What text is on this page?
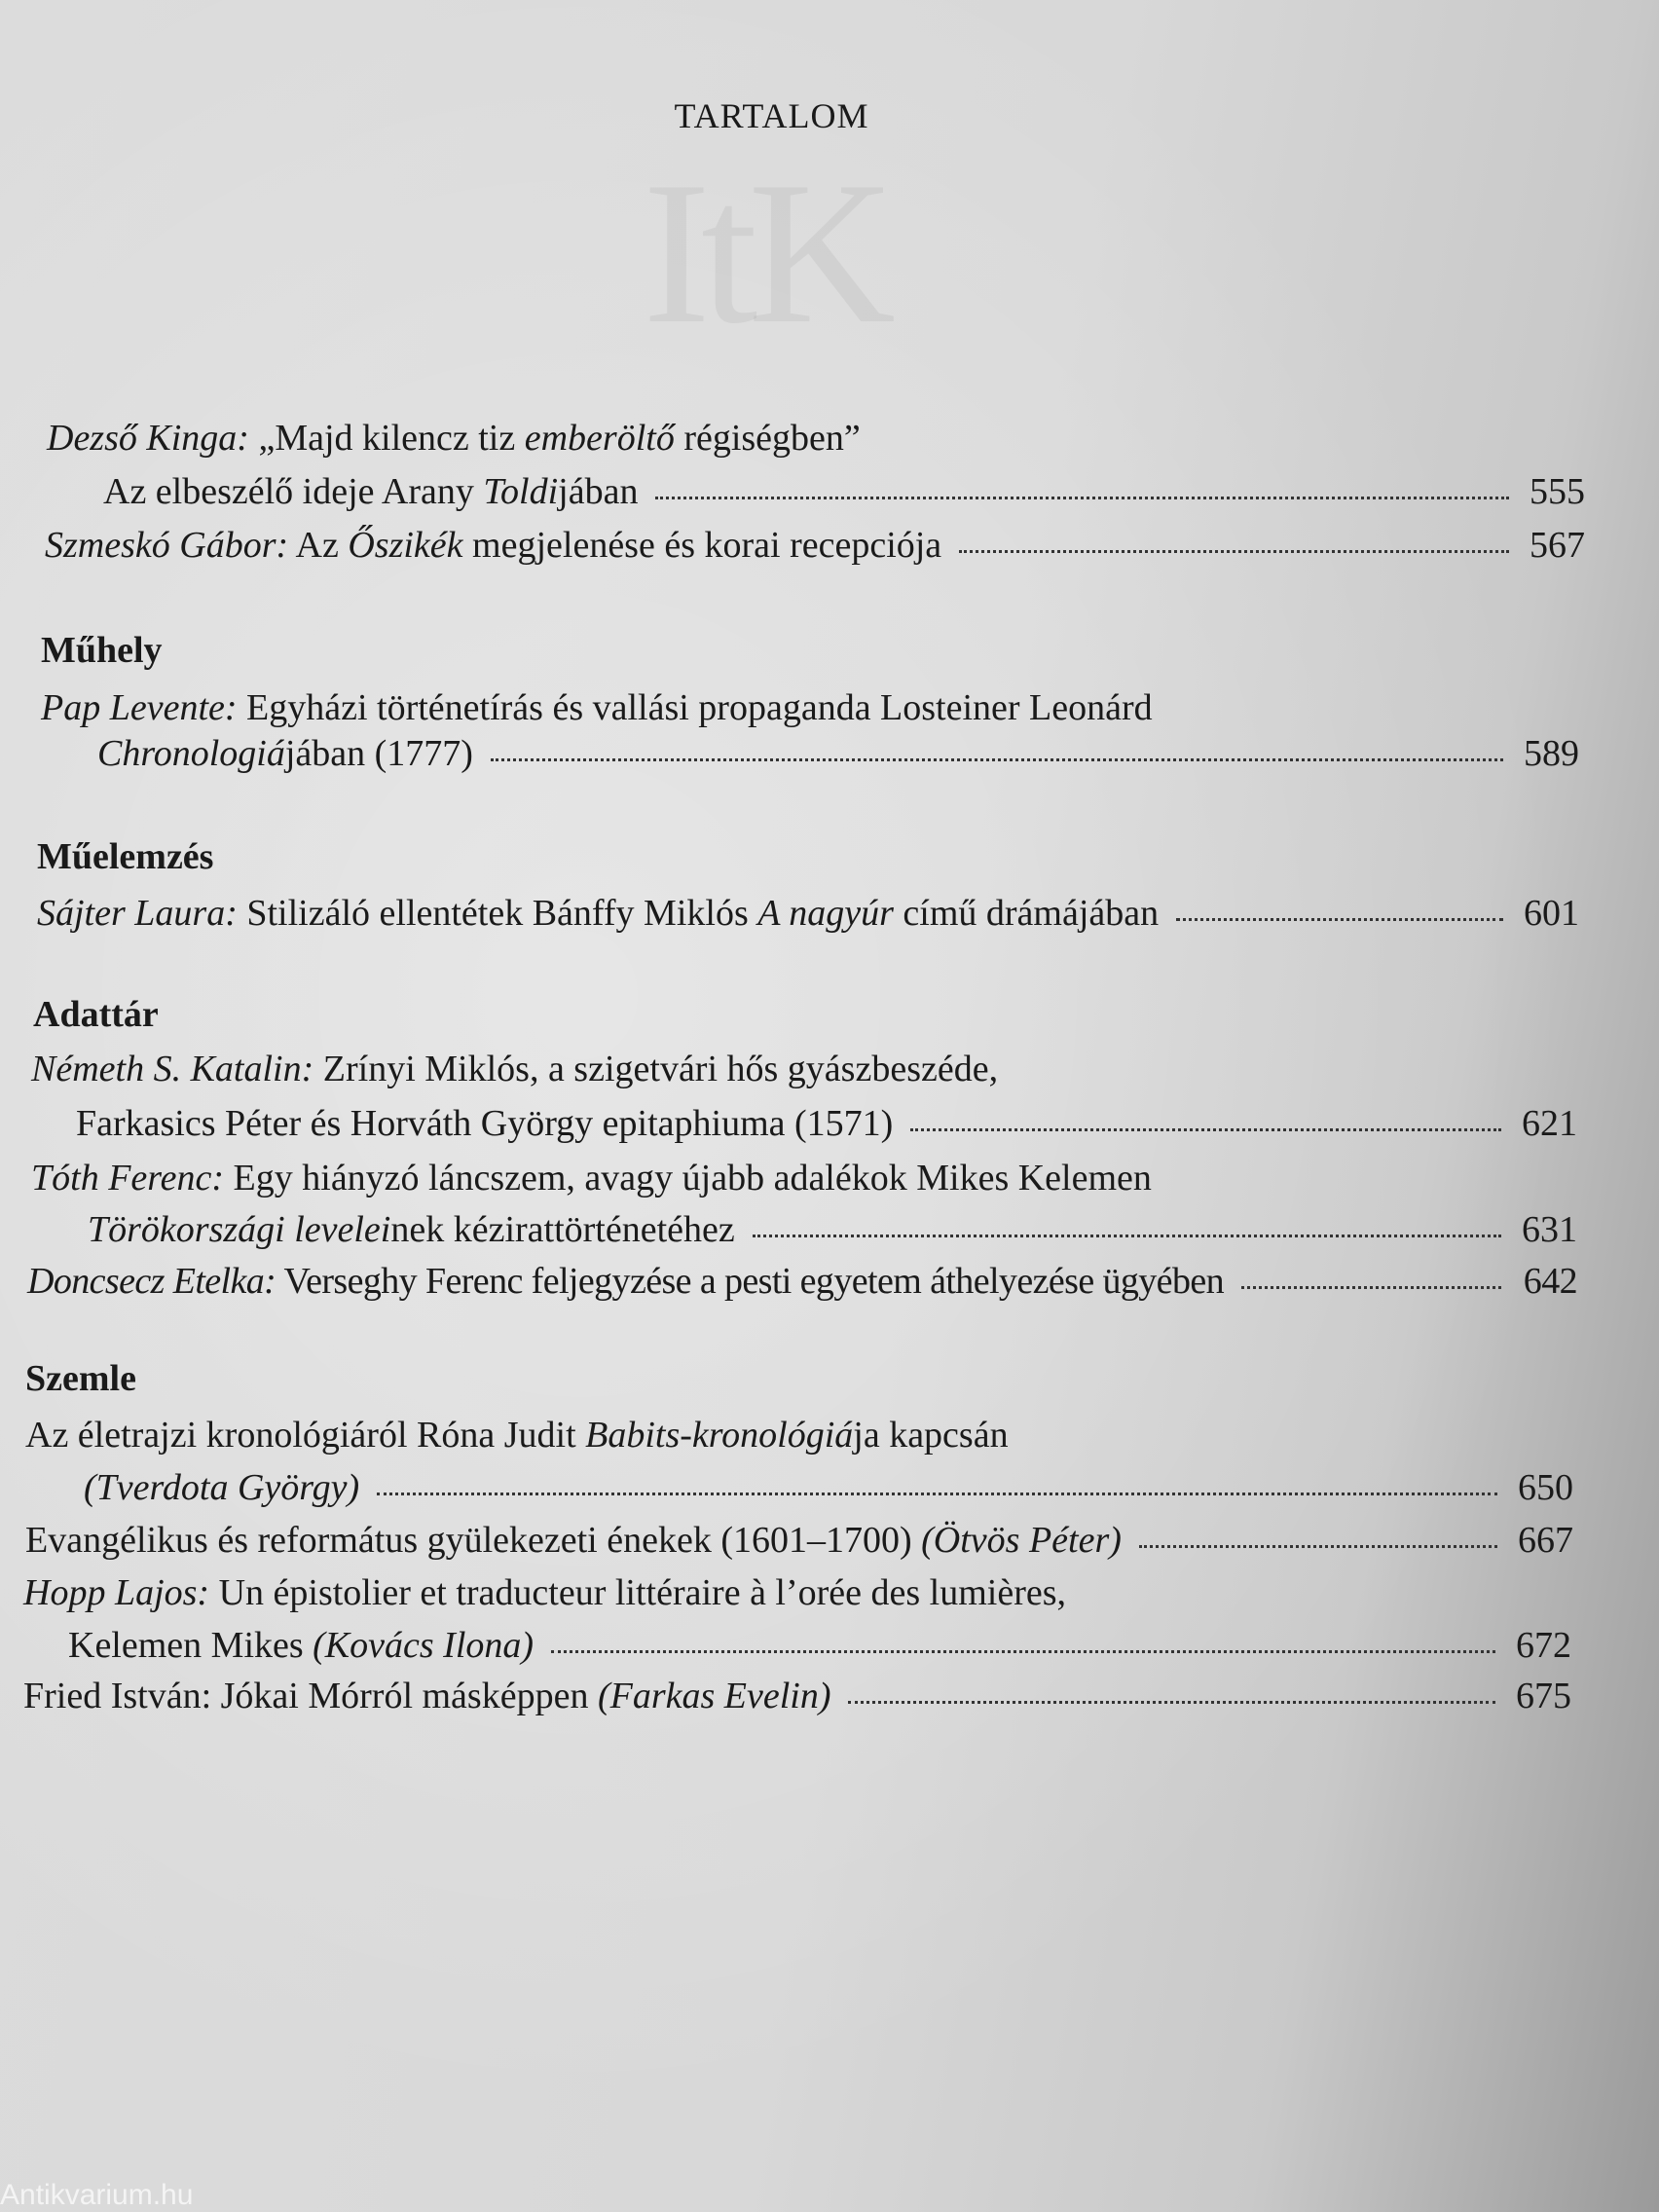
ItK
TARTALOM
Dezső Kinga: „Majd kilencz tiz emberöltő régiségben”
Az elbeszélő ideje Arany Toldijában	555
Szmeskó Gábor: Az Őszikék megjelenése és korai recepciója	567
Műhely
Pap Levente: Egyházi történetírás és vallási propaganda Losteiner Leonárd
Chronologiájában (1777)	589
Műelemzés
Sájter Laura: Stilizáló ellentétek Bánffy Miklós A nagyúr című drámájában	601
Adattár
Németh S. Katalin: Zrínyi Miklós, a szigetvári hős gyászbeszéde,
Farkasics Péter és Horváth György epitaphiuma (1571)	621
Tóth Ferenc: Egy hiányzó láncszem, avagy újabb adalékok Mikes Kelemen
Törökországi leveleinek kézirattörténetéhez	631
Doncsecz Etelka: Verseghy Ferenc feljegyzése a pesti egyetem áthelyezése ügyében	642
Szemle
Az életrajzi kronológiáról Róna Judit Babits-kronológiája kapcsán
(Tverdota György)	650
Evangélikus és református gyülekezeti énekek (1601–1700) (Ötvös Péter)	667
Hopp Lajos: Un épistolier et traducteur littéraire à l’orée des lumières,
Kelemen Mikes (Kovács Ilona)	672
Fried István: Jókai Mórról másképpen (Farkas Evelin)	675
Antikvarium.hu
